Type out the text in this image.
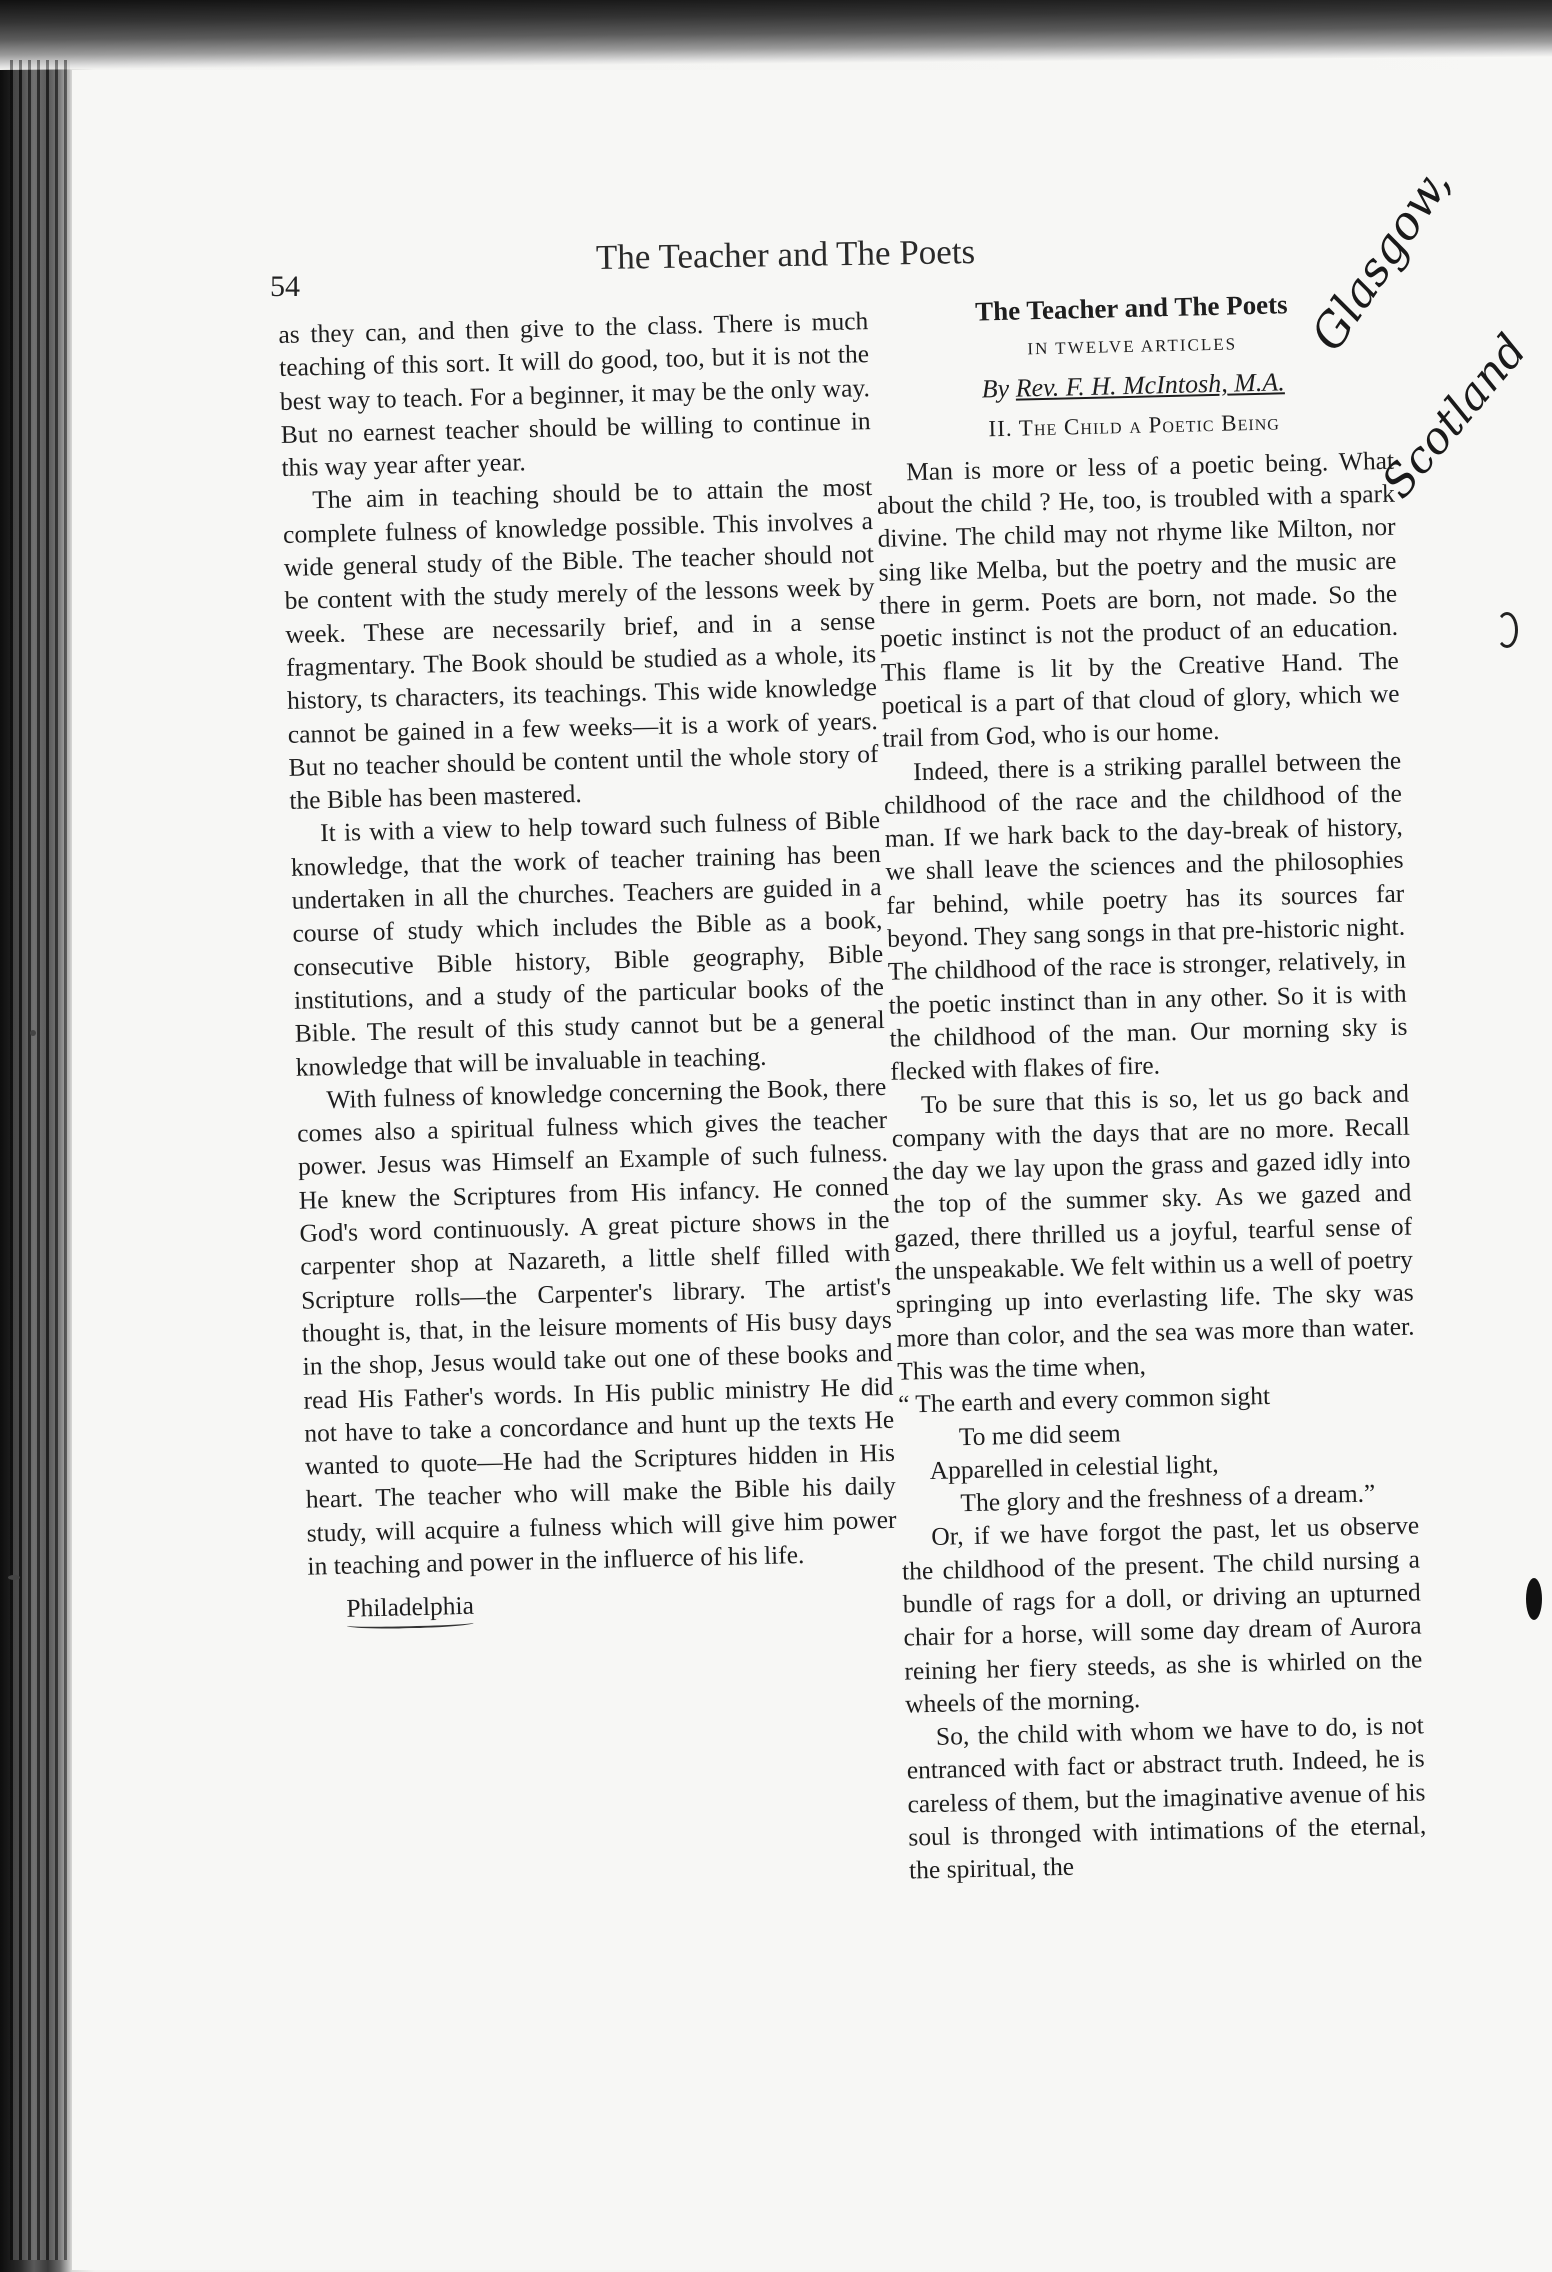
54
The Teacher and The Poets

as they can, and then give to the class. There is much teaching of this sort. It will do good, too, but it is not the best way to teach. For a beginner, it may be the only way. But no earnest teacher should be willing to continue in this way year after year.

The aim in teaching should be to attain the most complete fulness of knowledge possible. This involves a wide general study of the Bible. The teacher should not be content with the study merely of the lessons week by week. These are necessarily brief, and in a sense fragmentary. The Book should be studied as a whole, its history, ts characters, its teachings. This wide knowledge cannot be gained in a few weeks—it is a work of years. But no teacher should be content until the whole story of the Bible has been mastered.

It is with a view to help toward such fulness of Bible knowledge, that the work of teacher training has been undertaken in all the churches. Teachers are guided in a course of study which includes the Bible as a book, consecutive Bible history, Bible geography, Bible institutions, and a study of the particular books of the Bible. The result of this study cannot but be a general knowledge that will be invaluable in teaching.

With fulness of knowledge concerning the Book, there comes also a spiritual fulness which gives the teacher power. Jesus was Himself an Example of such fulness. He knew the Scriptures from His infancy. He conned God's word continuously. A great picture shows in the carpenter shop at Nazareth, a little shelf filled with Scripture rolls—the Carpenter's library. The artist's thought is, that, in the leisure moments of His busy days in the shop, Jesus would take out one of these books and read His Father's words. In His public ministry He did not have to take a concordance and hunt up the texts He wanted to quote—He had the Scriptures hidden in His heart. The teacher who will make the Bible his daily study, will acquire a fulness which will give him power in teaching and power in the influerce of his life.

Philadelphia

The Teacher and The Poets

IN TWELVE ARTICLES

By Rev. F. H. McIntosh, M.A.

II. The Child a Poetic Being

Man is more or less of a poetic being. What about the child ? He, too, is troubled with a spark divine. The child may not rhyme like Milton, nor sing like Melba, but the poetry and the music are there in germ. Poets are born, not made. So the poetic instinct is not the product of an education. This flame is lit by the Creative Hand. The poetical is a part of that cloud of glory, which we trail from God, who is our home.

Indeed, there is a striking parallel between the childhood of the race and the childhood of the man. If we hark back to the day-break of history, we shall leave the sciences and the philosophies far behind, while poetry has its sources far beyond. They sang songs in that pre-historic night. The childhood of the race is stronger, relatively, in the poetic instinct than in any other. So it is with the childhood of the man. Our morning sky is flecked with flakes of fire.

To be sure that this is so, let us go back and company with the days that are no more. Recall the day we lay upon the grass and gazed idly into the top of the summer sky. As we gazed and gazed, there thrilled us a joyful, tearful sense of the unspeakable. We felt within us a well of poetry springing up into everlasting life. The sky was more than color, and the sea was more than water. This was the time when,

“ The earth and every common sight
To me did seem
Apparelled in celestial light,
The glory and the freshness of a dream.”

Or, if we have forgot the past, let us observe the childhood of the present. The child nursing a bundle of rags for a doll, or driving an upturned chair for a horse, will some day dream of Aurora reining her fiery steeds, as she is whirled on the wheels of the morning.

So, the child with whom we have to do, is not entranced with fact or abstract truth. Indeed, he is careless of them, but the imaginative avenue of his soul is thronged with intimations of the eternal, the spiritual, the

Glasgow,
Scotland
